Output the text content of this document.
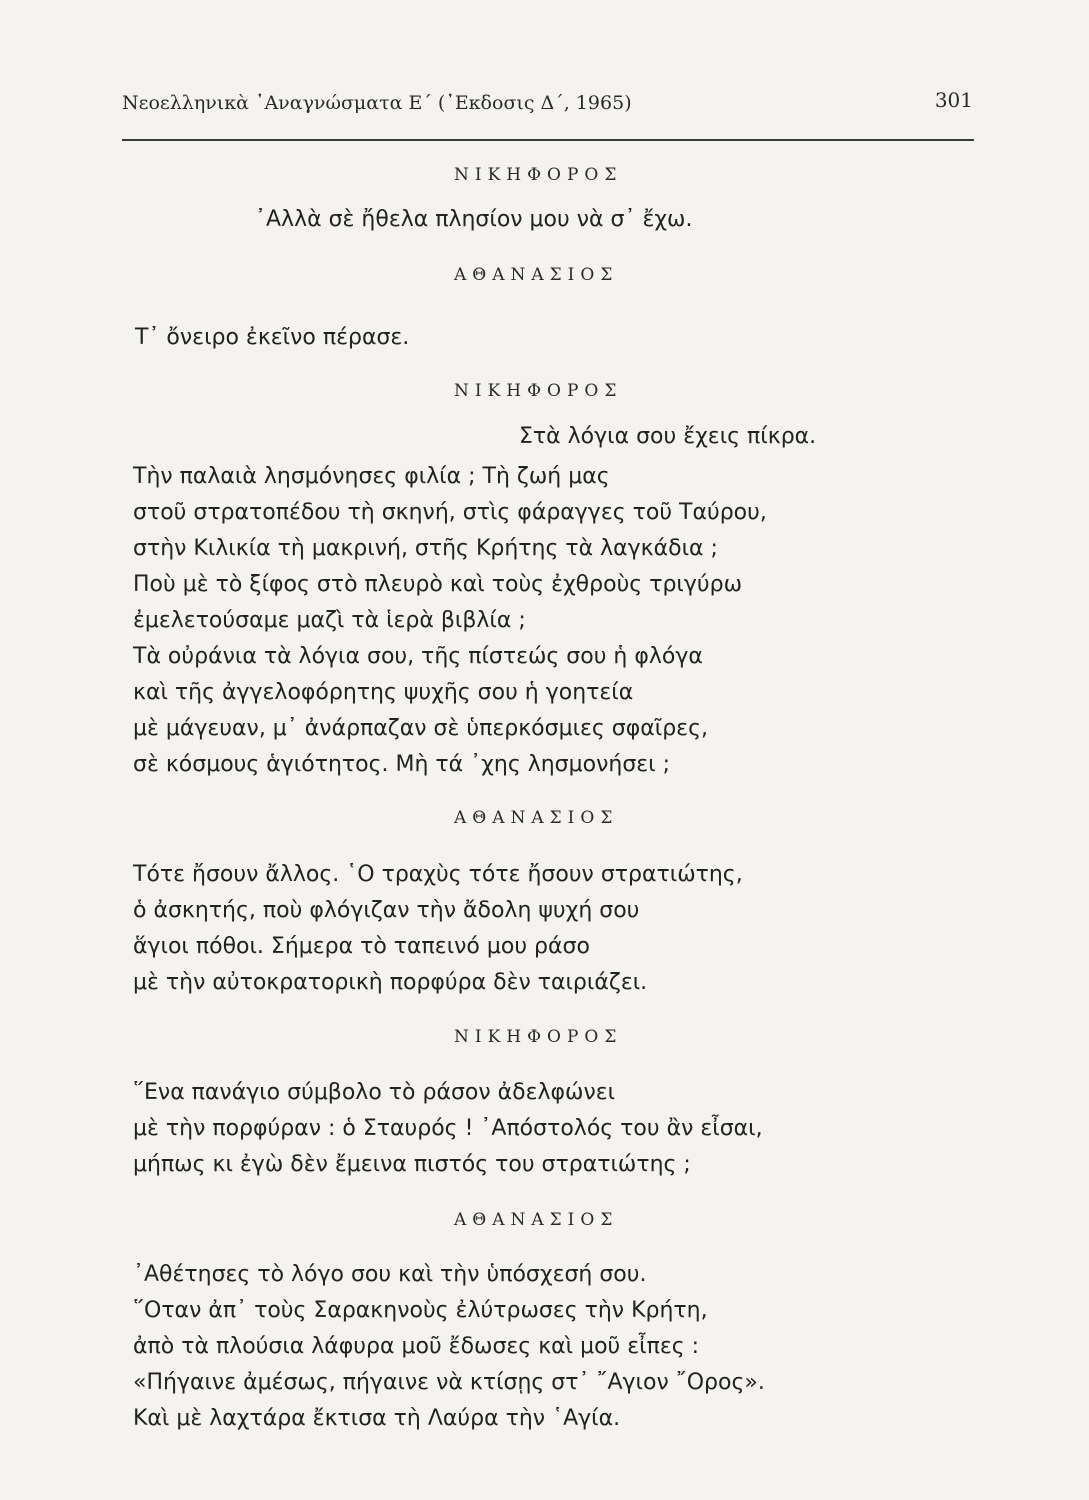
Νεοελληνικὰ ᾿Αναγνώσματα Ε΄ (᾿Εκδοσις Δ΄, 1965)	301
ΝΙΚΗΦΟΡΟΣ
᾿Αλλὰ σὲ ἤθελα πλησίον μου νὰ σ᾿ ἔχω.
ΑΘΑΝΑΣΙΟΣ
Τ᾿ ὄνειρο ἐκεῖνο πέρασε.
ΝΙΚΗΦΟΡΟΣ
Στὰ λόγια σου ἔχεις πίκρα.
Τὴν παλαιὰ λησμόνησες φιλία ; Τὴ ζωή μας
στοῦ στρατοπέδου τὴ σκηνή, στὶς φάραγγες τοῦ Ταύρου,
στὴν Κιλικία τὴ μακρινή, στῆς Κρήτης τὰ λαγκάδια ;
Ποὺ μὲ τὸ ξίφος στὸ πλευρὸ καὶ τοὺς ἐχθροὺς τριγύρω
ἐμελετούσαμε μαζὶ τὰ ἱερὰ βιβλία ;
Τὰ οὐράνια τὰ λόγια σου, τῆς πίστεώς σου ἡ φλόγα
καὶ τῆς ἀγγελοφόρητης ψυχῆς σου ἡ γοητεία
μὲ μάγευαν, μ᾿ ἀνάρπαζαν σὲ ὑπερκόσμιες σφαῖρες,
σὲ κόσμους ἁγιότητος. Μὴ τά ᾿χης λησμονήσει ;
ΑΘΑΝΑΣΙΟΣ
Τότε ἤσουν ἄλλος. ῾Ο τραχὺς τότε ἤσουν στρατιώτης,
ὁ ἀσκητής, ποὺ φλόγιζαν τὴν ἄδολη ψυχή σου
ἅγιοι πόθοι. Σήμερα τὸ ταπεινό μου ράσο
μὲ τὴν αὐτοκρατορικὴ πορφύρα δὲν ταιριάζει.
ΝΙΚΗΦΟΡΟΣ
῞Ενα πανάγιο σύμβολο τὸ ράσον ἀδελφώνει
μὲ τὴν πορφύραν : ὁ Σταυρός ! ᾿Απόστολός του ἂν εἶσαι,
μήπως κι ἐγὼ δὲν ἔμεινα πιστός του στρατιώτης ;
ΑΘΑΝΑΣΙΟΣ
᾿Αθέτησες τὸ λόγο σου καὶ τὴν ὑπόσχεσή σου.
῞Οταν ἀπ᾿ τοὺς Σαρακηνοὺς ἐλύτρωσες τὴν Κρήτη,
ἀπὸ τὰ πλούσια λάφυρα μοῦ ἔδωσες καὶ μοῦ εἶπες :
«Πήγαινε ἀμέσως, πήγαινε νὰ κτίσῃς στ᾿ ῎Αγιον ῎Ορος».
Καὶ μὲ λαχτάρα ἔκτισα τὴ Λαύρα τὴν ῾Αγία.
